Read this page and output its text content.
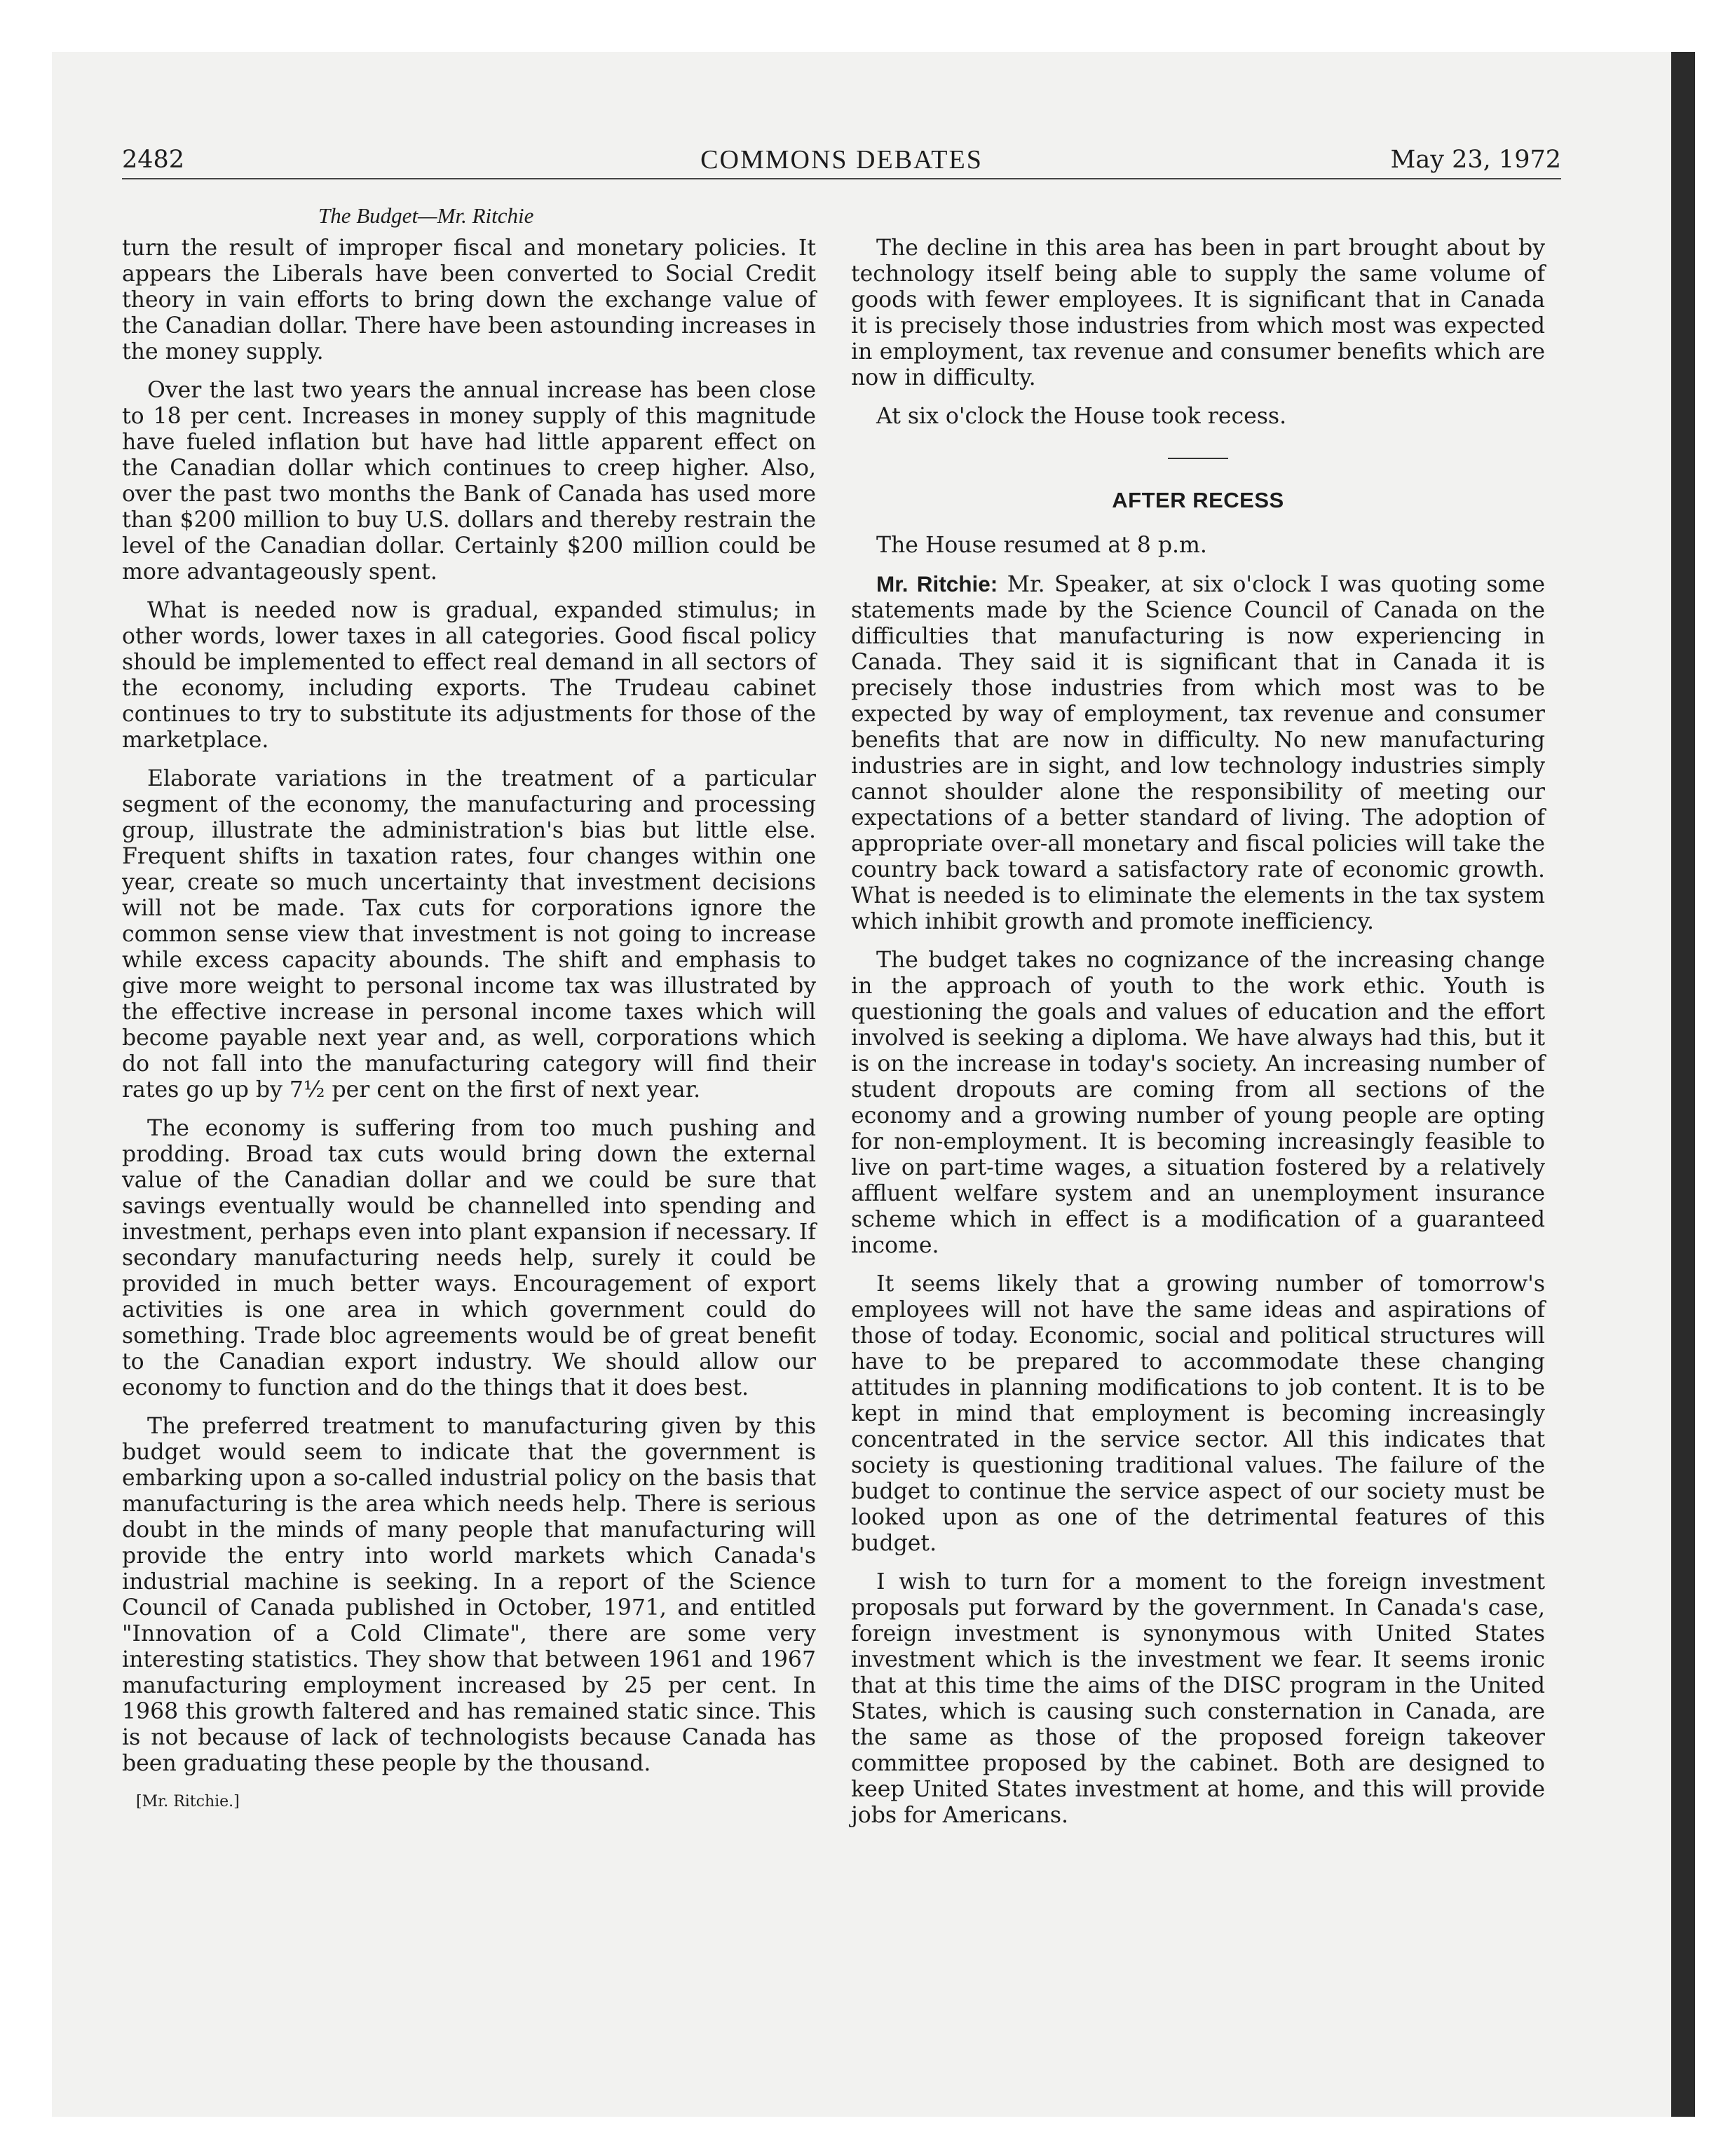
2482	COMMONS DEBATES	May 23, 1972
The Budget—Mr. Ritchie

turn the result of improper fiscal and monetary policies. It appears the Liberals have been converted to Social Credit theory in vain efforts to bring down the exchange value of the Canadian dollar. There have been astounding increases in the money supply.

Over the last two years the annual increase has been close to 18 per cent. Increases in money supply of this magnitude have fueled inflation but have had little apparent effect on the Canadian dollar which continues to creep higher. Also, over the past two months the Bank of Canada has used more than $200 million to buy U.S. dollars and thereby restrain the level of the Canadian dollar. Certainly $200 million could be more advantageously spent.

What is needed now is gradual, expanded stimulus; in other words, lower taxes in all categories. Good fiscal policy should be implemented to effect real demand in all sectors of the economy, including exports. The Trudeau cabinet continues to try to substitute its adjustments for those of the marketplace.

Elaborate variations in the treatment of a particular segment of the economy, the manufacturing and processing group, illustrate the administration's bias but little else. Frequent shifts in taxation rates, four changes within one year, create so much uncertainty that investment decisions will not be made. Tax cuts for corporations ignore the common sense view that investment is not going to increase while excess capacity abounds. The shift and emphasis to give more weight to personal income tax was illustrated by the effective increase in personal income taxes which will become payable next year and, as well, corporations which do not fall into the manufacturing category will find their rates go up by 7½ per cent on the first of next year.

The economy is suffering from too much pushing and prodding. Broad tax cuts would bring down the external value of the Canadian dollar and we could be sure that savings eventually would be channelled into spending and investment, perhaps even into plant expansion if necessary. If secondary manufacturing needs help, surely it could be provided in much better ways. Encouragement of export activities is one area in which government could do something. Trade bloc agreements would be of great benefit to the Canadian export industry. We should allow our economy to function and do the things that it does best.

The preferred treatment to manufacturing given by this budget would seem to indicate that the government is embarking upon a so-called industrial policy on the basis that manufacturing is the area which needs help. There is serious doubt in the minds of many people that manufacturing will provide the entry into world markets which Canada's industrial machine is seeking. In a report of the Science Council of Canada published in October, 1971, and entitled "Innovation of a Cold Climate", there are some very interesting statistics. They show that between 1961 and 1967 manufacturing employment increased by 25 per cent. In 1968 this growth faltered and has remained static since. This is not because of lack of technologists because Canada has been graduating these people by the thousand.

[Mr. Ritchie.]

The decline in this area has been in part brought about by technology itself being able to supply the same volume of goods with fewer employees. It is significant that in Canada it is precisely those industries from which most was expected in employment, tax revenue and consumer benefits which are now in difficulty.

At six o'clock the House took recess.

AFTER RECESS

The House resumed at 8 p.m.

Mr. Ritchie: Mr. Speaker, at six o'clock I was quoting some statements made by the Science Council of Canada on the difficulties that manufacturing is now experiencing in Canada. They said it is significant that in Canada it is precisely those industries from which most was to be expected by way of employment, tax revenue and consumer benefits that are now in difficulty. No new manufacturing industries are in sight, and low technology industries simply cannot shoulder alone the responsibility of meeting our expectations of a better standard of living. The adoption of appropriate over-all monetary and fiscal policies will take the country back toward a satisfactory rate of economic growth. What is needed is to eliminate the elements in the tax system which inhibit growth and promote inefficiency.

The budget takes no cognizance of the increasing change in the approach of youth to the work ethic. Youth is questioning the goals and values of education and the effort involved is seeking a diploma. We have always had this, but it is on the increase in today's society. An increasing number of student dropouts are coming from all sections of the economy and a growing number of young people are opting for non-employment. It is becoming increasingly feasible to live on part-time wages, a situation fostered by a relatively affluent welfare system and an unemployment insurance scheme which in effect is a modification of a guaranteed income.

It seems likely that a growing number of tomorrow's employees will not have the same ideas and aspirations of those of today. Economic, social and political structures will have to be prepared to accommodate these changing attitudes in planning modifications to job content. It is to be kept in mind that employment is becoming increasingly concentrated in the service sector. All this indicates that society is questioning traditional values. The failure of the budget to continue the service aspect of our society must be looked upon as one of the detrimental features of this budget.

I wish to turn for a moment to the foreign investment proposals put forward by the government. In Canada's case, foreign investment is synonymous with United States investment which is the investment we fear. It seems ironic that at this time the aims of the DISC program in the United States, which is causing such consternation in Canada, are the same as those of the proposed foreign takeover committee proposed by the cabinet. Both are designed to keep United States investment at home, and this will provide jobs for Americans.
